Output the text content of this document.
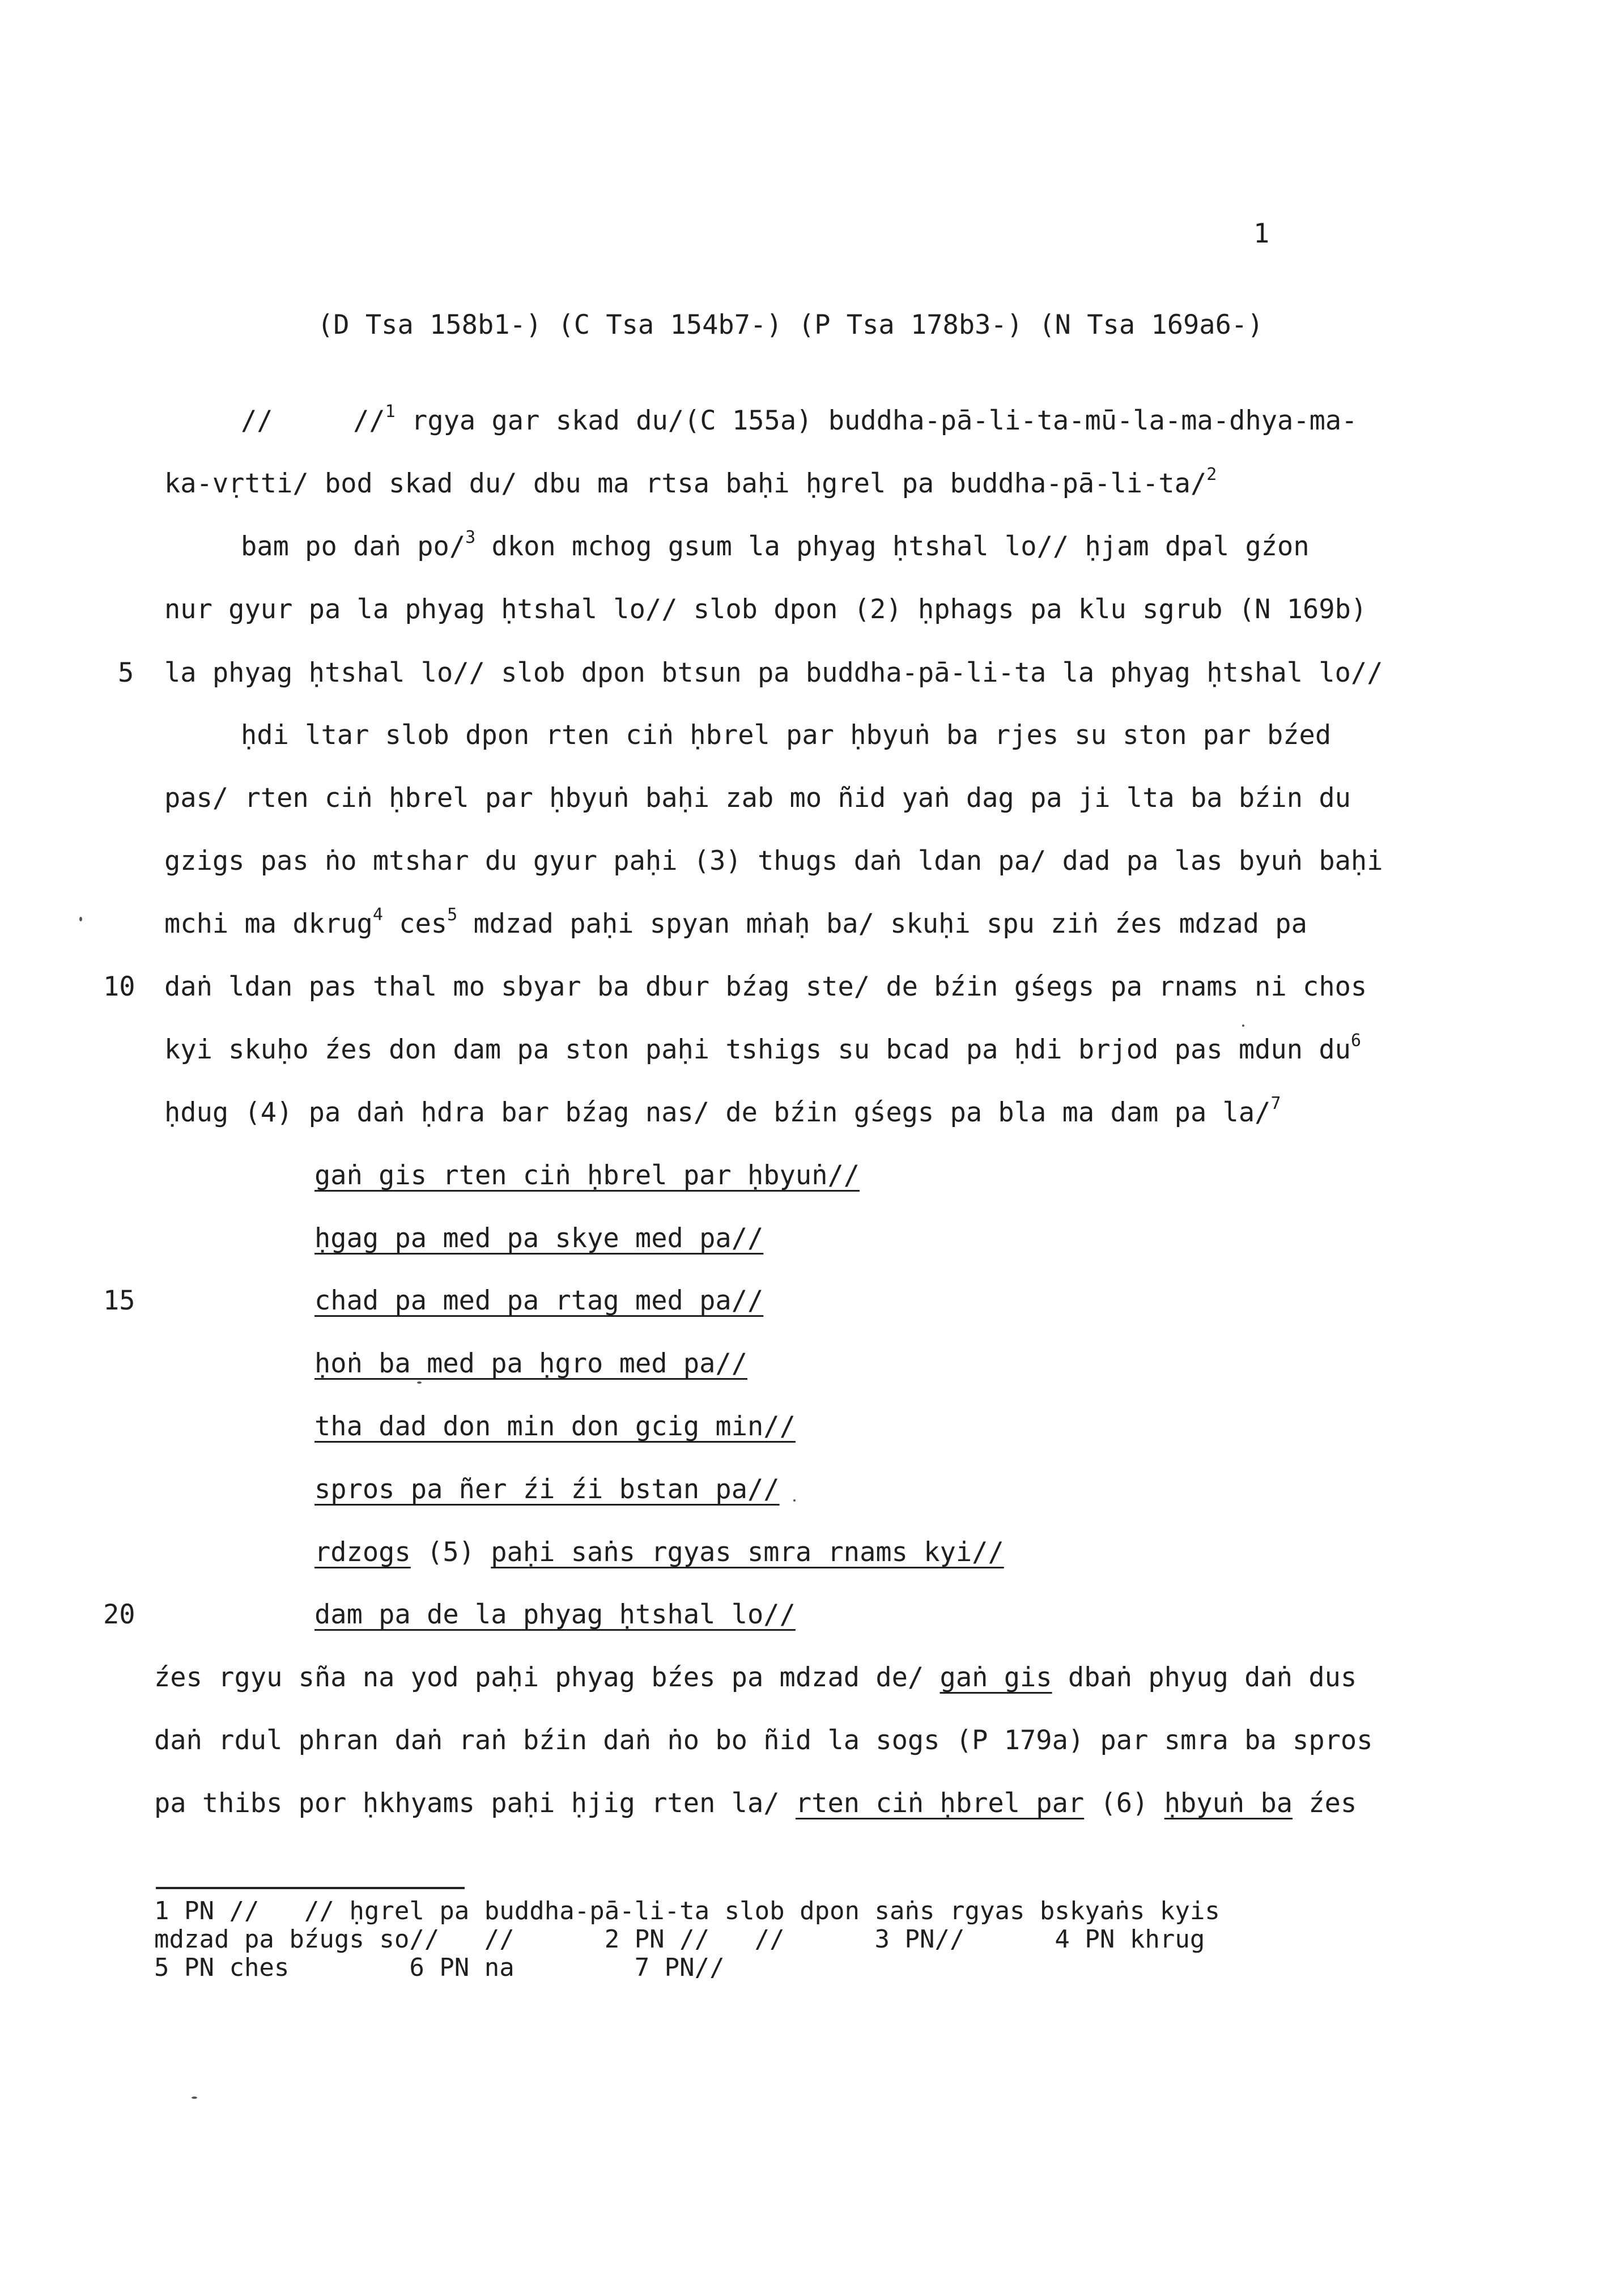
1
(D Tsa 158b1-) (C Tsa 154b7-) (P Tsa 178b3-) (N Tsa 169a6-)
5
10
15
20
//	//$^1$ rgya gar skad du/(C 155a) buddha-pā-li-ta-mū-la-ma-dhya-ma-
ka-vṛtti/ bod skad du/ dbu ma rtsa baḥi ḥgrel pa buddha-pā-li-ta/$^2$
bam po daṅ po/$^3$ dkon mchog gsum la phyag ḥtshal lo// ḥjam dpal gźon
nur gyur pa la phyag ḥtshal lo// slob dpon (2) ḥphags pa klu sgrub (N 169b)
la phyag ḥtshal lo// slob dpon btsun pa buddha-pā-li-ta la phyag ḥtshal lo//
ḥdi ltar slob dpon rten ciṅ ḥbrel par ḥbyuṅ ba rjes su ston par bźed
pas/ rten ciṅ ḥbrel par ḥbyuṅ baḥi zab mo ñid yaṅ dag pa ji lta ba bźin du
gzigs pas ṅo mtshar du gyur paḥi (3) thugs daṅ ldan pa/ dad pa las byuṅ baḥi
mchi ma dkrug$^4$ ces$^5$ mdzad paḥi spyan mṅaḥ ba/ skuḥi spu ziṅ źes mdzad pa
daṅ ldan pas thal mo sbyar ba dbur bźag ste/ de bźin gśegs pa rnams ni chos
kyi skuḥo źes don dam pa ston paḥi tshigs su bcad pa ḥdi brjod pas mdun $du^6$
ḥdug (4) pa daṅ ḥdra bar bźag nas/ de bźin gśegs pa bla ma dam pa la/$^7$
gaṅ gis rten ciṅ ḥbrel par ḥbyuṅ//
ḥgag pa med pa skye med pa//
chad pa med pa rtag med pa//
ḥoṅ ba med pa ḥgro med pa//
tha dad don min don gcig min//
spros pa ñer źi źi bstan pa//
rdzogs (5) paḥi saṅs rgyas smra rnams kyi//
dam pa de la phyag ḥtshal lo//
źes rgyu sña na yod paḥi phyag bźes pa mdzad de/ gaṅ gis dbaṅ phyug daṅ dus
daṅ rdul phran daṅ raṅ bźin daṅ ṅo bo ñid la sogs (P 179a) par smra ba spros
pa thibs por ḥkhyams paḥi ḥjig rten la/ rten ciṅ ḥbrel par (6) ḥbyuṅ ba źes
1 PN //   // ḥgrel pa buddha-pā-li-ta slob dpon saṅs rgyas bskyaṅs kyis
mdzad pa bźugs so//   //      2 PN //   //      3 PN//      4 PN khrug
5 PN ches        6 PN na        7 PN//
